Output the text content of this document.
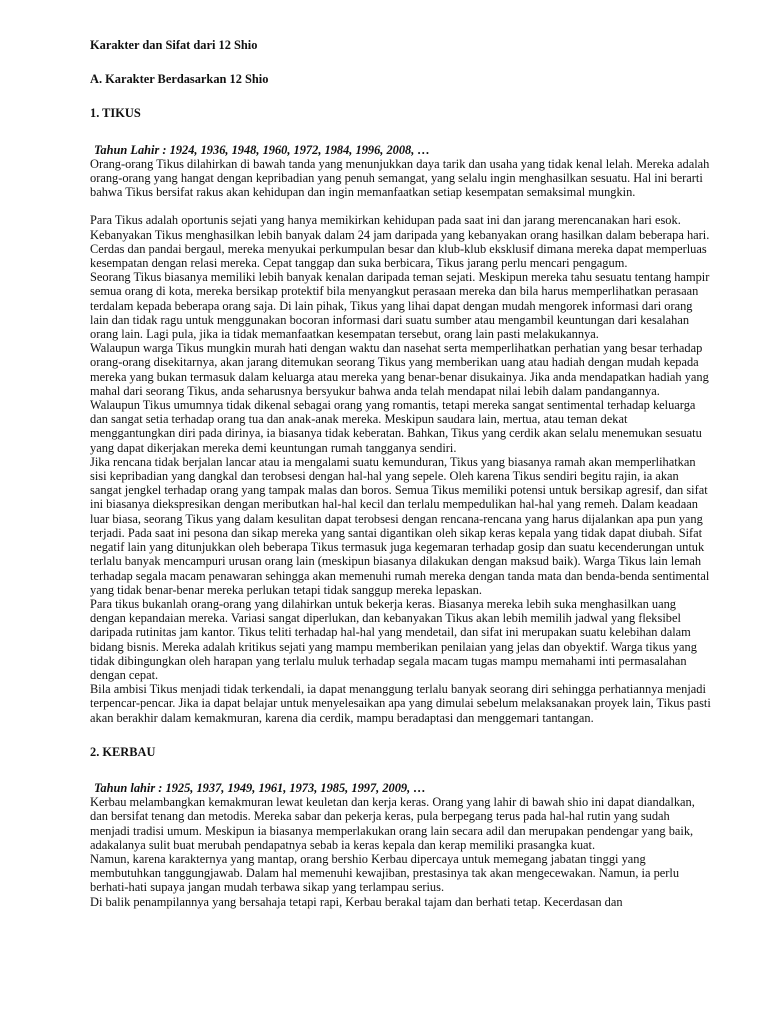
Karakter dan Sifat dari 12 Shio

A. Karakter Berdasarkan 12 Shio

1. TIKUS

Tahun Lahir : 1924, 1936, 1948, 1960, 1972, 1984, 1996, 2008, …

Orang-orang Tikus dilahirkan di bawah tanda yang menunjukkan daya tarik dan usaha yang tidak kenal lelah. Mereka adalah orang-orang yang hangat dengan kepribadian yang penuh semangat, yang selalu ingin menghasilkan sesuatu. Hal ini berarti bahwa Tikus bersifat rakus akan kehidupan dan ingin memanfaatkan setiap kesempatan semaksimal mungkin.

Para Tikus adalah oportunis sejati yang hanya memikirkan kehidupan pada saat ini dan jarang merencanakan hari esok. Kebanyakan Tikus menghasilkan lebih banyak dalam 24 jam daripada yang kebanyakan orang hasilkan dalam beberapa hari. Cerdas dan pandai bergaul, mereka menyukai perkumpulan besar dan klub-klub eksklusif dimana mereka dapat memperluas kesempatan dengan relasi mereka. Cepat tanggap dan suka berbicara, Tikus jarang perlu mencari pengagum.

Seorang Tikus biasanya memiliki lebih banyak kenalan daripada teman sejati. Meskipun mereka tahu sesuatu tentang hampir semua orang di kota, mereka bersikap protektif bila menyangkut perasaan mereka dan bila harus memperlihatkan perasaan terdalam kepada beberapa orang saja. Di lain pihak, Tikus yang lihai dapat dengan mudah mengorek informasi dari orang lain dan tidak ragu untuk menggunakan bocoran informasi dari suatu sumber atau mengambil keuntungan dari kesalahan orang lain. Lagi pula, jika ia tidak memanfaatkan kesempatan tersebut, orang lain pasti melakukannya.

Walaupun warga Tikus mungkin murah hati dengan waktu dan nasehat serta memperlihatkan perhatian yang besar terhadap orang-orang disekitarnya, akan jarang ditemukan seorang Tikus yang memberikan uang atau hadiah dengan mudah kepada mereka yang bukan termasuk dalam keluarga atau mereka yang benar-benar disukainya. Jika anda mendapatkan hadiah yang mahal dari seorang Tikus, anda seharusnya bersyukur bahwa anda telah mendapat nilai lebih dalam pandangannya. Walaupun Tikus umumnya tidak dikenal sebagai orang yang romantis, tetapi mereka sangat sentimental terhadap keluarga dan sangat setia terhadap orang tua dan anak-anak mereka. Meskipun saudara lain, mertua, atau teman dekat menggantungkan diri pada dirinya, ia biasanya tidak keberatan. Bahkan, Tikus yang cerdik akan selalu menemukan sesuatu yang dapat dikerjakan mereka demi keuntungan rumah tangganya sendiri.

Jika rencana tidak berjalan lancar atau ia mengalami suatu kemunduran, Tikus yang biasanya ramah akan memperlihatkan sisi kepribadian yang dangkal dan terobsesi dengan hal-hal yang sepele. Oleh karena Tikus sendiri begitu rajin, ia akan sangat jengkel terhadap orang yang tampak malas dan boros. Semua Tikus memiliki potensi untuk bersikap agresif, dan sifat ini biasanya diekspresikan dengan meributkan hal-hal kecil dan terlalu mempedulikan hal-hal yang remeh. Dalam keadaan luar biasa, seorang Tikus yang dalam kesulitan dapat terobsesi dengan rencana-rencana yang harus dijalankan apa pun yang terjadi. Pada saat ini pesona dan sikap mereka yang santai digantikan oleh sikap keras kepala yang tidak dapat diubah. Sifat negatif lain yang ditunjukkan oleh beberapa Tikus termasuk juga kegemaran terhadap gosip dan suatu kecenderungan untuk terlalu banyak mencampuri urusan orang lain (meskipun biasanya dilakukan dengan maksud baik). Warga Tikus lain lemah terhadap segala macam penawaran sehingga akan memenuhi rumah mereka dengan tanda mata dan benda-benda sentimental yang tidak benar-benar mereka perlukan tetapi tidak sanggup mereka lepaskan.

Para tikus bukanlah orang-orang yang dilahirkan untuk bekerja keras. Biasanya mereka lebih suka menghasilkan uang dengan kepandaian mereka. Variasi sangat diperlukan, dan kebanyakan Tikus akan lebih memilih jadwal yang fleksibel daripada rutinitas jam kantor. Tikus teliti terhadap hal-hal yang mendetail, dan sifat ini merupakan suatu kelebihan dalam bidang bisnis. Mereka adalah kritikus sejati yang mampu memberikan penilaian yang jelas dan obyektif. Warga tikus yang tidak dibingungkan oleh harapan yang terlalu muluk terhadap segala macam tugas mampu memahami inti permasalahan dengan cepat.

Bila ambisi Tikus menjadi tidak terkendali, ia dapat menanggung terlalu banyak seorang diri sehingga perhatiannya menjadi terpencar-pencar. Jika ia dapat belajar untuk menyelesaikan apa yang dimulai sebelum melaksanakan proyek lain, Tikus pasti akan berakhir dalam kemakmuran, karena dia cerdik, mampu beradaptasi dan menggemari tantangan.

2. KERBAU

Tahun lahir : 1925, 1937, 1949, 1961, 1973, 1985, 1997, 2009, …

Kerbau melambangkan kemakmuran lewat keuletan dan kerja keras. Orang yang lahir di bawah shio ini dapat diandalkan, dan bersifat tenang dan metodis. Mereka sabar dan pekerja keras, pula berpegang terus pada hal-hal rutin yang sudah menjadi tradisi umum. Meskipun ia biasanya memperlakukan orang lain secara adil dan merupakan pendengar yang baik, adakalanya sulit buat merubah pendapatnya sebab ia keras kepala dan kerap memiliki prasangka kuat.

Namun, karena karakternya yang mantap, orang bershio Kerbau dipercaya untuk memegang jabatan tinggi yang membutuhkan tanggungjawab. Dalam hal memenuhi kewajiban, prestasinya tak akan mengecewakan. Namun, ia perlu berhati-hati supaya jangan mudah terbawa sikap yang terlampau serius.

Di balik penampilannya yang bersahaja tetapi rapi, Kerbau berakal tajam dan berhati tetap. Kecerdasan dan
